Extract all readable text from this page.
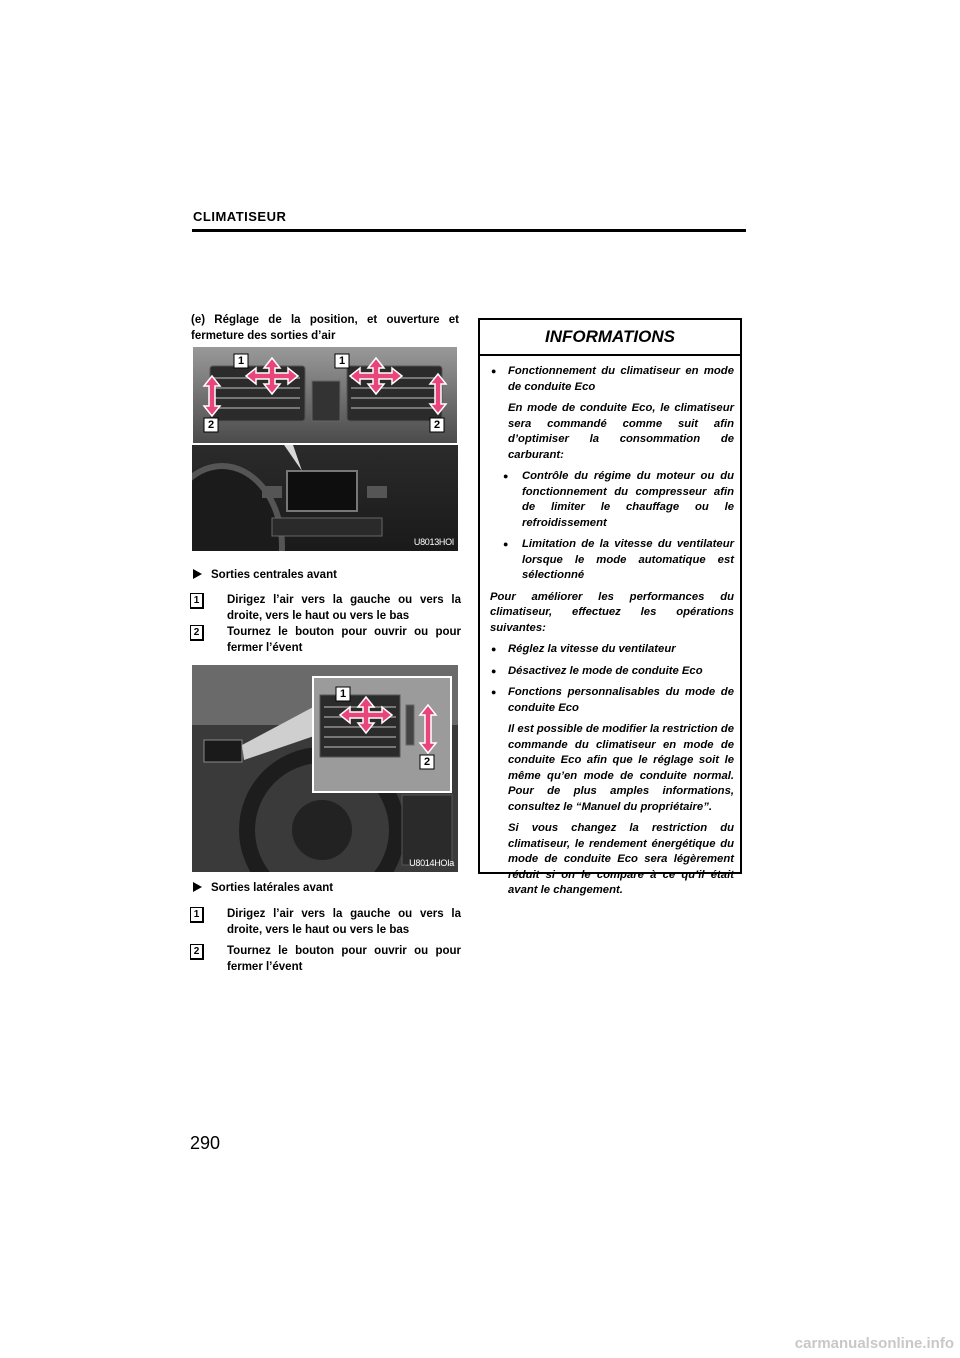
CLIMATISEUR
(e) Réglage de la position, et ouverture et fermeture des sorties d’air
1	1
2	2
U8013HOI
Sorties centrales avant
1	Dirigez l’air vers la gauche ou vers la droite, vers le haut ou vers le bas
2	Tournez le bouton pour ouvrir ou pour fermer l’évent
1
2
U8014HOIa
Sorties latérales avant
1	Dirigez l’air vers la gauche ou vers la droite, vers le haut ou vers le bas
2	Tournez le bouton pour ouvrir ou pour fermer l’évent
INFORMATIONS

● Fonctionnement du climatiseur en mode de conduite Eco

En mode de conduite Eco, le climatiseur sera commandé comme suit afin d’optimiser la consommation de carburant:

● Contrôle du régime du moteur ou du fonctionnement du compresseur afin de limiter le chauffage ou le refroidissement

● Limitation de la vitesse du ventilateur lorsque le mode automatique est sélectionné

Pour améliorer les performances du climatiseur, effectuez les opérations suivantes:

● Réglez la vitesse du ventilateur

● Désactivez le mode de conduite Eco

● Fonctions personnalisables du mode de conduite Eco

Il est possible de modifier la restriction de commande du climatiseur en mode de conduite Eco afin que le réglage soit le même qu’en mode de conduite normal. Pour de plus amples informations, consultez le “Manuel du propriétaire”.

Si vous changez la restriction du climatiseur, le rendement énergétique du mode de conduite Eco sera légèrement réduit si on le compare à ce qu’il était avant le changement.

290
carmanualsonline.info
